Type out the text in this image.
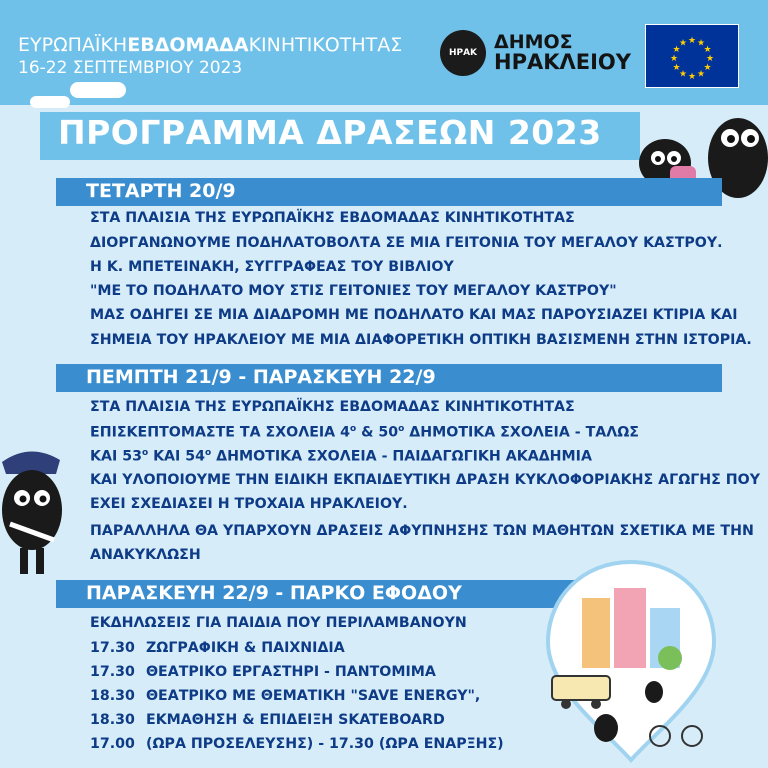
ΕΥΡΩΠΑΪΚΗΕΒΔΟΜΑΔΑΚΙΝΗΤΙΚΟΤΗΤΑΣ
16-22 ΣΕΠΤΕΜΒΡΙΟΥ 2023
ΗΡΑΚ ΔΗΜΟΣ
ΗΡΑΚΛΕΙΟΥ
★ ★
★
★
★
★
★
★
★
★
★
★
ΠΡΟΓΡΑΜΜΑ ΔΡΑΣΕΩΝ 2023
ΤΕΤΑΡΤΗ 20/9
ΣΤΑ ΠΛΑΙΣΙΑ ΤΗΣ ΕΥΡΩΠΑΪΚΗΣ ΕΒΔΟΜΑΔΑΣ ΚΙΝΗΤΙΚΟΤΗΤΑΣ
ΔΙΟΡΓΑΝΩΝΟΥΜΕ ΠΟΔΗΛΑΤΟΒΟΛΤΑ ΣΕ ΜΙΑ ΓΕΙΤΟΝΙΑ ΤΟΥ ΜΕΓΑΛΟΥ ΚΑΣΤΡΟΥ.
Η Κ. ΜΠΕΤΕΙΝΑΚΗ, ΣΥΓΓΡΑΦΕΑΣ ΤΟΥ ΒΙΒΛΙΟΥ
"ΜΕ ΤΟ ΠΟΔΗΛΑΤΟ ΜΟΥ ΣΤΙΣ ΓΕΙΤΟΝΙΕΣ ΤΟΥ ΜΕΓΑΛΟΥ ΚΑΣΤΡΟΥ"
ΜΑΣ ΟΔΗΓΕΙ ΣΕ ΜΙΑ ΔΙΑΔΡΟΜΗ ΜΕ ΠΟΔΗΛΑΤΟ ΚΑΙ ΜΑΣ ΠΑΡΟΥΣΙΑΖΕΙ ΚΤΙΡΙΑ ΚΑΙ
ΣΗΜΕΙΑ ΤΟΥ ΗΡΑΚΛΕΙΟΥ ΜΕ ΜΙΑ ΔΙΑΦΟΡΕΤΙΚΗ ΟΠΤΙΚΗ ΒΑΣΙΣΜΕΝΗ ΣΤΗΝ ΙΣΤΟΡΙΑ.
ΠΕΜΠΤΗ 21/9 - ΠΑΡΑΣΚΕΥΗ 22/9
ΣΤΑ ΠΛΑΙΣΙΑ ΤΗΣ ΕΥΡΩΠΑΪΚΗΣ ΕΒΔΟΜΑΔΑΣ ΚΙΝΗΤΙΚΟΤΗΤΑΣ
ΕΠΙΣΚΕΠΤΟΜΑΣΤΕ ΤΑ ΣΧΟΛΕΙΑ $4^o$ & $50^o$ ΔΗΜΟΤΙΚΑ ΣΧΟΛΕΙΑ - ΤΑΛΩΣ
ΚΑΙ $53^o$ ΚΑΙ $54^o$ ΔΗΜΟΤΙΚΑ ΣΧΟΛΕΙΑ - ΠΑΙΔΑΓΩΓΙΚΗ ΑΚΑΔΗΜΙΑ
ΚΑΙ ΥΛΟΠΟΙΟΥΜΕ ΤΗΝ ΕΙΔΙΚΗ ΕΚΠΑΙΔΕΥΤΙΚΗ ΔΡΑΣΗ ΚΥΚΛΟΦΟΡΙΑΚΗΣ ΑΓΩΓΗΣ ΠΟΥ
ΕΧΕΙ ΣΧΕΔΙΑΣΕΙ Η ΤΡΟΧΑΙΑ ΗΡΑΚΛΕΙΟΥ.
ΠΑΡΑΛΛΗΛΑ ΘΑ ΥΠΑΡΧΟΥΝ ΔΡΑΣΕΙΣ ΑΦΥΠΝΗΣΗΣ ΤΩΝ ΜΑΘΗΤΩΝ ΣΧΕΤΙΚΑ ΜΕ ΤΗΝ
ΑΝΑΚΥΚΛΩΣΗ
ΠΑΡΑΣΚΕΥΗ 22/9 - ΠΑΡΚΟ ΕΦΟΔΟΥ
ΕΚΔΗΛΩΣΕΙΣ ΓΙΑ ΠΑΙΔΙΑ ΠΟΥ ΠΕΡΙΛΑΜΒΑΝΟΥΝ
17.30 ΖΩΓΡΑΦΙΚΗ & ΠΑΙΧΝΙΔΙΑ
17.30 ΘΕΑΤΡΙΚΟ ΕΡΓΑΣΤΗΡΙ - ΠΑΝΤΟΜΙΜΑ
18.30 ΘΕΑΤΡΙΚΟ ΜΕ ΘΕΜΑΤΙΚΗ "SAVE ENERGY",
18.30 ΕΚΜΑΘΗΣΗ & ΕΠΙΔΕΙΞΗ SKATEBOARD
17.00 (ΩΡΑ ΠΡΟΣΕΛΕΥΣΗΣ) - 17.30 (ΩΡΑ ΕΝΑΡΞΗΣ)
